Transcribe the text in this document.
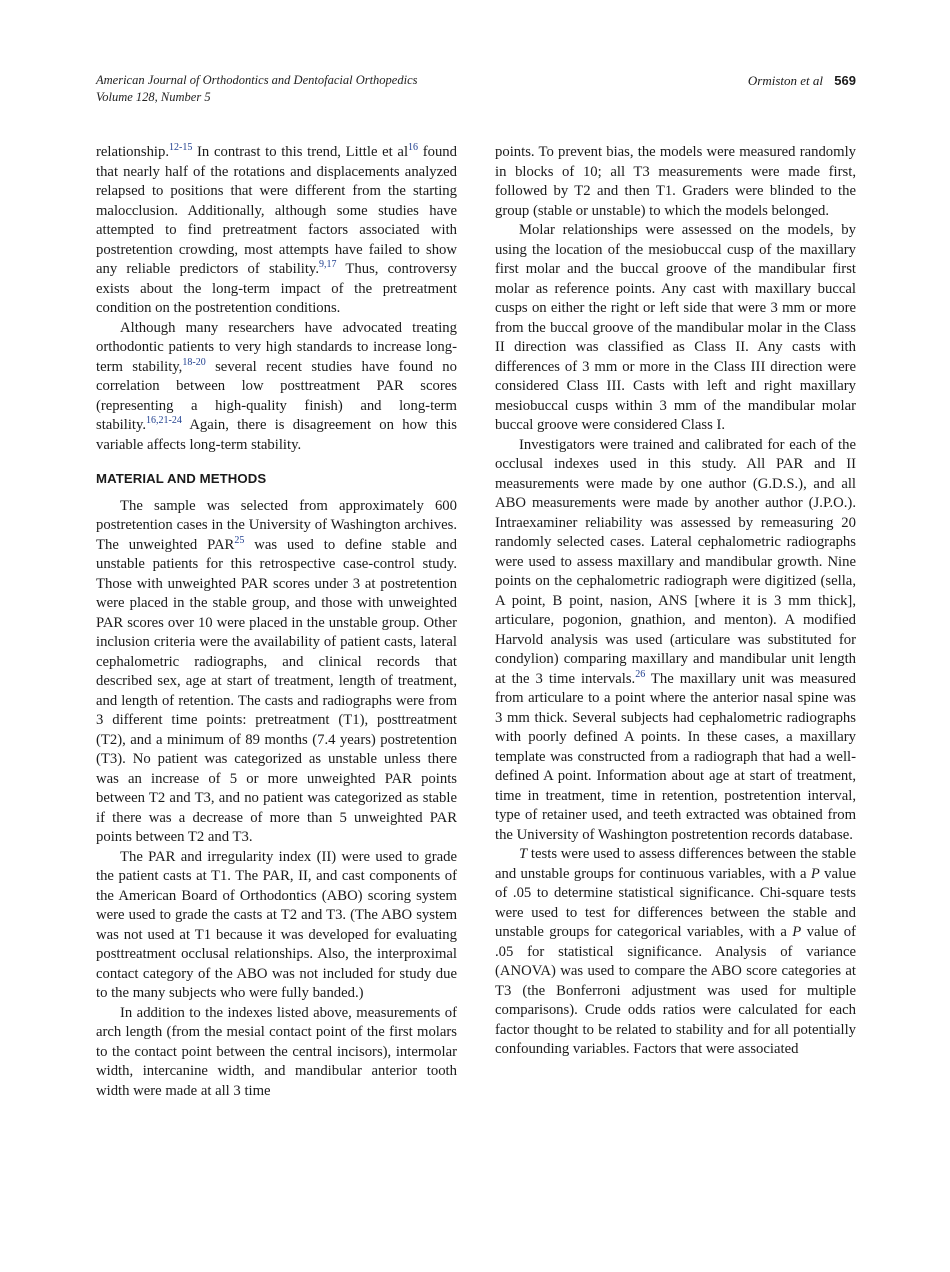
American Journal of Orthodontics and Dentofacial Orthopedics
Volume 128, Number 5
Ormiston et al 569

relationship.$^{12-15}$ In contrast to this trend, Little et al$^{16}$ found that nearly half of the rotations and displacements analyzed relapsed to positions that were different from the starting malocclusion. Additionally, although some studies have attempted to find pretreatment factors associated with postretention crowding, most attempts have failed to show any reliable predictors of stability.$^{9,17}$ Thus, controversy exists about the long-term impact of the pretreatment condition on the postretention conditions.

Although many researchers have advocated treating orthodontic patients to very high standards to increase long-term stability,$^{18-20}$ several recent studies have found no correlation between low posttreatment PAR scores (representing a high-quality finish) and long-term stability.$^{16,21-24}$ Again, there is disagreement on how this variable affects long-term stability.

MATERIAL AND METHODS

The sample was selected from approximately 600 postretention cases in the University of Washington archives. The unweighted PAR$^{25}$ was used to define stable and unstable patients for this retrospective case-control study. Those with unweighted PAR scores under 3 at postretention were placed in the stable group, and those with unweighted PAR scores over 10 were placed in the unstable group. Other inclusion criteria were the availability of patient casts, lateral cephalometric radiographs, and clinical records that described sex, age at start of treatment, length of treatment, and length of retention. The casts and radiographs were from 3 different time points: pretreatment (T1), posttreatment (T2), and a minimum of 89 months (7.4 years) postretention (T3). No patient was categorized as unstable unless there was an increase of 5 or more unweighted PAR points between T2 and T3, and no patient was categorized as stable if there was a decrease of more than 5 unweighted PAR points between T2 and T3.

The PAR and irregularity index (II) were used to grade the patient casts at T1. The PAR, II, and cast components of the American Board of Orthodontics (ABO) scoring system were used to grade the casts at T2 and T3. (The ABO system was not used at T1 because it was developed for evaluating posttreatment occlusal relationships. Also, the interproximal contact category of the ABO was not included for study due to the many subjects who were fully banded.)

In addition to the indexes listed above, measurements of arch length (from the mesial contact point of the first molars to the contact point between the central incisors), intermolar width, intercanine width, and mandibular anterior tooth width were made at all 3 time

points. To prevent bias, the models were measured randomly in blocks of 10; all T3 measurements were made first, followed by T2 and then T1. Graders were blinded to the group (stable or unstable) to which the models belonged.

Molar relationships were assessed on the models, by using the location of the mesiobuccal cusp of the maxillary first molar and the buccal groove of the mandibular first molar as reference points. Any cast with maxillary buccal cusps on either the right or left side that were 3 mm or more from the buccal groove of the mandibular molar in the Class II direction was classified as Class II. Any casts with differences of 3 mm or more in the Class III direction were considered Class III. Casts with left and right maxillary mesiobuccal cusps within 3 mm of the mandibular molar buccal groove were considered Class I.

Investigators were trained and calibrated for each of the occlusal indexes used in this study. All PAR and II measurements were made by one author (G.D.S.), and all ABO measurements were made by another author (J.P.O.). Intraexaminer reliability was assessed by remeasuring 20 randomly selected cases. Lateral cephalometric radiographs were used to assess maxillary and mandibular growth. Nine points on the cephalometric radiograph were digitized (sella, A point, B point, nasion, ANS [where it is 3 mm thick], articulare, pogonion, gnathion, and menton). A modified Harvold analysis was used (articulare was substituted for condylion) comparing maxillary and mandibular unit length at the 3 time intervals.$^{26}$ The maxillary unit was measured from articulare to a point where the anterior nasal spine was 3 mm thick. Several subjects had cephalometric radiographs with poorly defined A points. In these cases, a maxillary template was constructed from a radiograph that had a well-defined A point. Information about age at start of treatment, time in treatment, time in retention, postretention interval, type of retainer used, and teeth extracted was obtained from the University of Washington postretention records database.

T tests were used to assess differences between the stable and unstable groups for continuous variables, with a P value of .05 to determine statistical significance. Chi-square tests were used to test for differences between the stable and unstable groups for categorical variables, with a P value of .05 for statistical significance. Analysis of variance (ANOVA) was used to compare the ABO score categories at T3 (the Bonferroni adjustment was used for multiple comparisons). Crude odds ratios were calculated for each factor thought to be related to stability and for all potentially confounding variables. Factors that were associated
